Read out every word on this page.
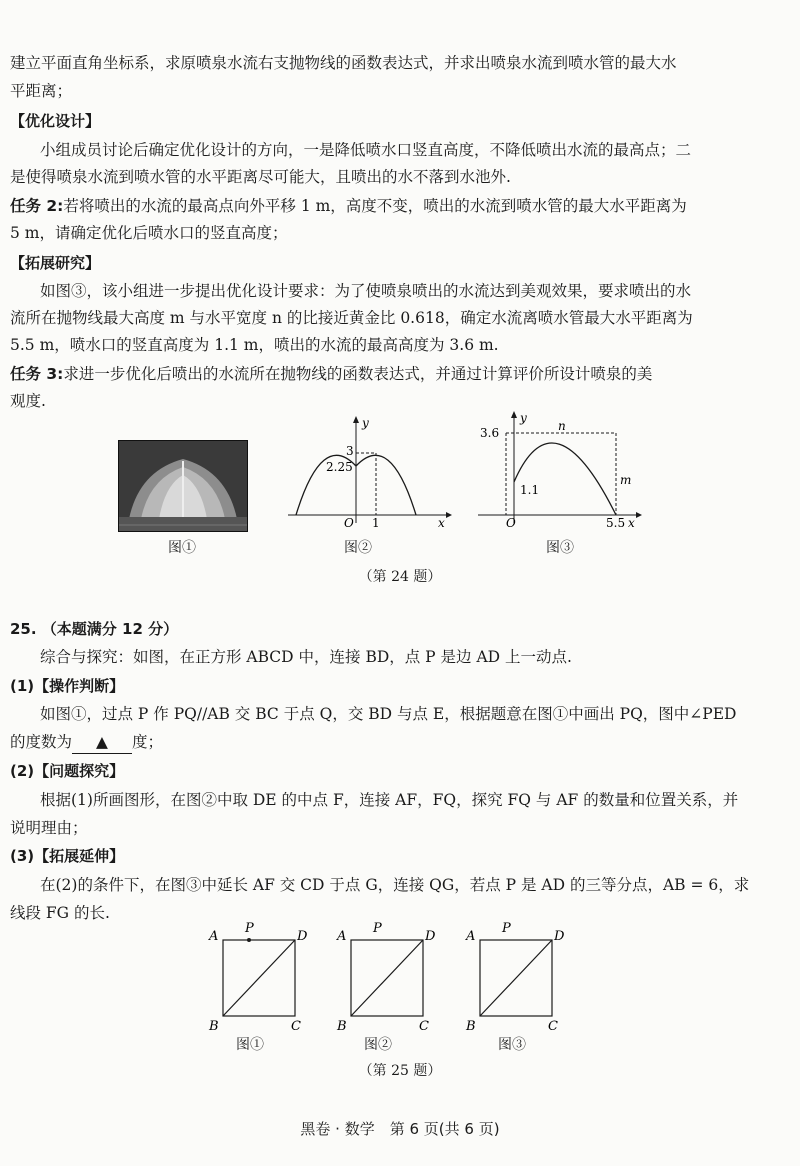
建立平面直角坐标系，求原喷泉水流右支抛物线的函数表达式，并求出喷泉水流到喷水管的最大水
平距离；
【优化设计】
小组成员讨论后确定优化设计的方向，一是降低喷水口竖直高度，不降低喷出水流的最高点；二
是使得喷泉水流到喷水管的水平距离尽可能大，且喷出的水不落到水池外.
任务 2:若将喷出的水流的最高点向外平移 1 m，高度不变，喷出的水流到喷水管的最大水平距离为
5 m，请确定优化后喷水口的竖直高度；
【拓展研究】
如图③，该小组进一步提出优化设计要求：为了使喷泉喷出的水流达到美观效果，要求喷出的水
流所在抛物线最大高度 m 与水平宽度 n 的比接近黄金比 0.618，确定水流离喷水管最大水平距离为
5.5 m，喷水口的竖直高度为 1.1 m，喷出的水流的最高高度为 3.6 m.
任务 3:求进一步优化后喷出的水流所在抛物线的函数表达式，并通过计算评价所设计喷泉的美
观度.
图①
y
x
O
3
2.25
1
图②
y
x
O
3.6
1.1
5.5
n
m
图③
（第 24 题）
25. （本题满分 12 分）
综合与探究：如图，在正方形 ABCD 中，连接 BD，点 P 是边 AD 上一动点.
(1)【操作判断】
如图①，过点 P 作 PQ//AB 交 BC 于点 Q，交 BD 与点 E，根据题意在图①中画出 PQ，图中∠PED
的度数为 ▲ 度；
(2)【问题探究】
根据(1)所画图形，在图②中取 DE 的中点 F，连接 AF，FQ，探究 FQ 与 AF 的数量和位置关系，并
说明理由；
(3)【拓展延伸】
在(2)的条件下，在图③中延长 AF 交 CD 于点 G，连接 QG，若点 P 是 AD 的三等分点，AB = 6，求
线段 FG 的长.
A
P
D
B	C
A
P
D
B	C
A
P
D
B	C
图①	图②	图③
（第 25 题）
黑卷 · 数学　第 6 页(共 6 页)
